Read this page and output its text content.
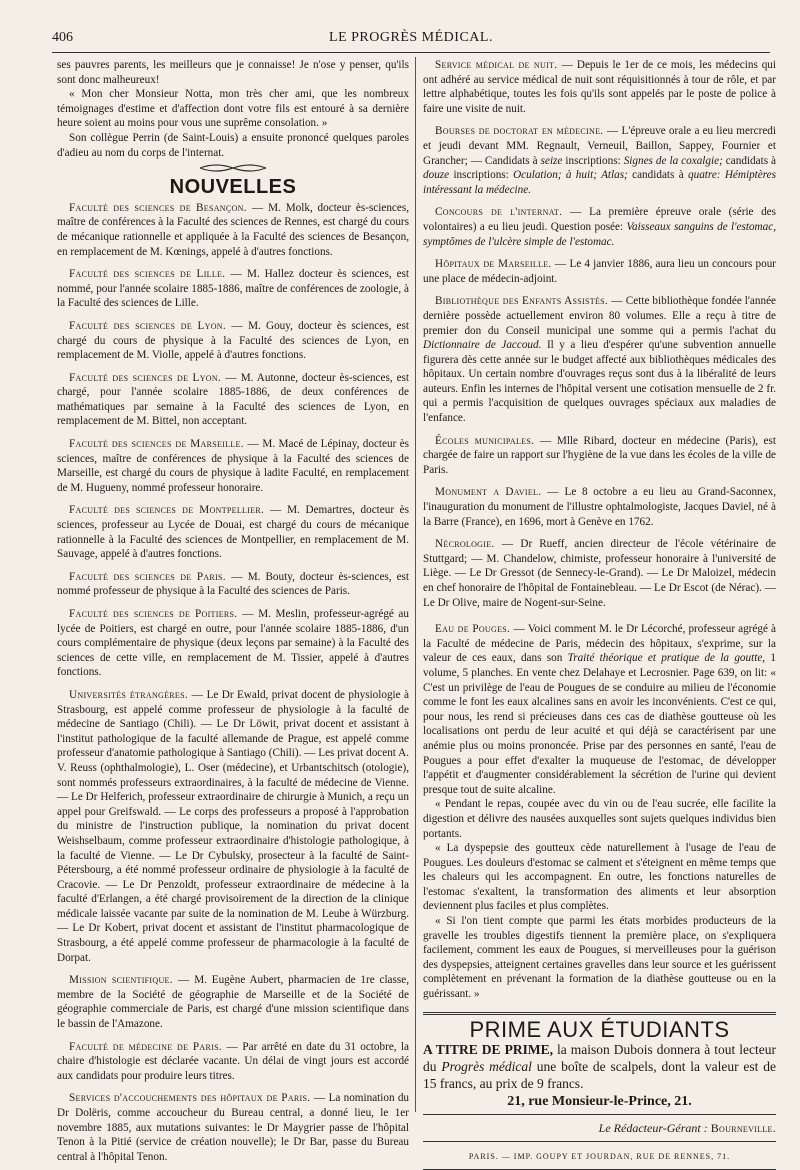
406	LE PROGRÈS MÉDICAL.

ses pauvres parents, les meilleurs que je connaisse! Je n'ose y penser, qu'ils sont donc malheureux!

« Mon cher Monsieur Notta, mon très cher ami, que les nombreux témoignages d'estime et d'affection dont votre fils est entouré à sa dernière heure soient au moins pour vous une suprême consolation. »

Son collègue Perrin (de Saint-Louis) a ensuite prononcé quelques paroles d'adieu au nom du corps de l'internat.

NOUVELLES

Faculté des sciences de Besançon. — M. Molk, docteur ès-sciences, maître de conférences à la Faculté des sciences de Rennes, est chargé du cours de mécanique rationnelle et appliquée à la Faculté des sciences de Besançon, en remplacement de M. Kœnings, appelé à d'autres fonctions.

Faculté des sciences de Lille. — M. Hallez docteur ès sciences, est nommé, pour l'année scolaire 1885-1886, maître de conférences de zoologie, à la Faculté des sciences de Lille.

Faculté des sciences de Lyon. — M. Gouy, docteur ès sciences, est chargé du cours de physique à la Faculté des sciences de Lyon, en remplacement de M. Violle, appelé à d'autres fonctions.

Faculté des sciences de Lyon. — M. Autonne, docteur ès-sciences, est chargé, pour l'année scolaire 1885-1886, de deux conférences de mathématiques par semaine à la Faculté des sciences de Lyon, en remplacement de M. Bittel, non acceptant.

Faculté des sciences de Marseille. — M. Macé de Lépinay, docteur ès sciences, maître de conférences de physique à la Faculté des sciences de Marseille, est chargé du cours de physique à ladite Faculté, en remplacement de M. Hugueny, nommé professeur honoraire.

Faculté des sciences de Montpellier. — M. Demartres, docteur ès sciences, professeur au Lycée de Douai, est chargé du cours de mécanique rationnelle à la Faculté des sciences de Montpellier, en remplacement de M. Sauvage, appelé à d'autres fonctions.

Faculté des sciences de Paris. — M. Bouty, docteur ès-sciences, est nommé professeur de physique à la Faculté des sciences de Paris.

Faculté des sciences de Poitiers. — M. Meslin, professeur-agrégé au lycée de Poitiers, est chargé en outre, pour l'année scolaire 1885-1886, d'un cours complémentaire de physique (deux leçons par semaine) à la Faculté des sciences de cette ville, en remplacement de M. Tissier, appelé à d'autres fonctions.

Universités étrangères. — Le Dr Ewald, privat docent de physiologie à Strasbourg, est appelé comme professeur de physiologie à la faculté de médecine de Santiago (Chili). — Le Dr Löwit, privat docent et assistant à l'institut pathologique de la faculté allemande de Prague, est appelé comme professeur d'anatomie pathologique à Santiago (Chili). — Les privat docent A. V. Reuss (ophthalmologie), L. Oser (médecine), et Urbantschitsch (otologie), sont nommés professeurs extraordinaires, à la faculté de médecine de Vienne. — Le Dr Helferich, professeur extraordinaire de chirurgie à Munich, a reçu un appel pour Greifswald. — Le corps des professeurs a proposé à l'approbation du ministre de l'instruction publique, la nomination du privat docent Weishselbaum, comme professeur extraordinaire d'histologie pathologique, à la faculté de Vienne. — Le Dr Cybulsky, prosecteur à la faculté de Saint-Pétersbourg, a été nommé professeur ordinaire de physiologie à la faculté de Cracovie. — Le Dr Penzoldt, professeur extraordinaire de médecine à la faculté d'Erlangen, a été chargé provisoirement de la direction de la clinique médicale laissée vacante par suite de la nomination de M. Leube à Würzburg. — Le Dr Kobert, privat docent et assistant de l'institut pharmacologique de Strasbourg, a été appelé comme professeur de pharmacologie à la faculté de Dorpat.

Mission scientifique. — M. Eugène Aubert, pharmacien de 1re classe, membre de la Société de géographie de Marseille et de la Société de géographie commerciale de Paris, est chargé d'une mission scientifique dans le bassin de l'Amazone.

Faculté de médecine de Paris. — Par arrêté en date du 31 octobre, la chaire d'histologie est déclarée vacante. Un délai de vingt jours est accordé aux candidats pour produire leurs titres.

Services d'accouchements des hôpitaux de Paris. — La nomination du Dr Dolëris, comme accoucheur du Bureau central, a donné lieu, le 1er novembre 1885, aux mutations suivantes: le Dr Maygrier passe de l'hôpital Tenon à la Pitié (service de création nouvelle); le Dr Bar, passe du Bureau central à l'hôpital Tenon.

Service médical de nuit. — Depuis le 1er de ce mois, les médecins qui ont adhéré au service médical de nuit sont réquisitionnés à tour de rôle, et par lettre alphabétique, toutes les fois qu'ils sont appelés par le poste de police à faire une visite de nuit.

Bourses de doctorat en médecine. — L'épreuve orale a eu lieu mercredi et jeudi devant MM. Regnault, Verneuil, Baillon, Sappey, Fournier et Grancher; — Candidats à seize inscriptions: Signes de la coxalgie; candidats à douze inscriptions: Oculation; à huit; Atlas; candidats à quatre: Hémiptères intéressant la médecine.

Concours de l'internat. — La première épreuve orale (série des volontaires) a eu lieu jeudi. Question posée: Vaisseaux sanguins de l'estomac, symptômes de l'ulcère simple de l'estomac.

Hôpitaux de Marseille. — Le 4 janvier 1886, aura lieu un concours pour une place de médecin-adjoint.

Bibliothèque des Enfants Assistés. — Cette bibliothèque fondée l'année dernière possède actuellement environ 80 volumes. Elle a reçu à titre de premier don du Conseil municipal une somme qui a permis l'achat du Dictionnaire de Jaccoud. Il y a lieu d'espérer qu'une subvention annuelle figurera dès cette année sur le budget affecté aux bibliothèques médicales des hôpitaux. Un certain nombre d'ouvrages reçus sont dus à la libéralité de leurs auteurs. Enfin les internes de l'hôpital versent une cotisation mensuelle de 2 fr. qui a permis l'acquisition de quelques ouvrages spéciaux aux maladies de l'enfance.

Écoles municipales. — Mlle Ribard, docteur en médecine (Paris), est chargée de faire un rapport sur l'hygiène de la vue dans les écoles de la ville de Paris.

Monument a Daviel. — Le 8 octobre a eu lieu au Grand-Saconnex, l'inauguration du monument de l'illustre ophtalmologiste, Jacques Daviel, né à la Barre (France), en 1696, mort à Genève en 1762.

Nécrologie. — Dr Rueff, ancien directeur de l'école vétérinaire de Stuttgard; — M. Chandelow, chimiste, professeur honoraire à l'université de Liège. — Le Dr Gressot (de Sennecy-le-Grand). — Le Dr Maloizel, médecin en chef honoraire de l'hôpital de Fontainebleau. — Le Dr Escot (de Nérac). — Le Dr Olive, maire de Nogent-sur-Seine.

Eau de Pouges. — Voici comment M. le Dr Lécorché, professeur agrégé à la Faculté de médecine de Paris, médecin des hôpitaux, s'exprime, sur la valeur de ces eaux, dans son Traité théorique et pratique de la goutte, 1 volume, 5 planches. En vente chez Delahaye et Lecrosnier. Page 639, on lit: « C'est un privilège de l'eau de Pougues de se conduire au milieu de l'économie comme le font les eaux alcalines sans en avoir les inconvénients. C'est ce qui, pour nous, les rend si précieuses dans ces cas de diathèse goutteuse où les localisations ont perdu de leur acuité et qui déjà se caractérisent par une anémie plus ou moins prononcée. Prise par des personnes en santé, l'eau de Pougues a pour effet d'exalter la muqueuse de l'estomac, de développer l'appétit et d'augmenter considérablement la sécrétion de l'urine qui devient presque tout de suite alcaline.

« Pendant le repas, coupée avec du vin ou de l'eau sucrée, elle facilite la digestion et délivre des nausées auxquelles sont sujets quelques individus bien portants.

« La dyspepsie des goutteux cède naturellement à l'usage de l'eau de Pougues. Les douleurs d'estomac se calment et s'éteignent en même temps que les chaleurs qui les accompagnent. En outre, les fonctions naturelles de l'estomac s'exaltent, la transformation des aliments et leur absorption deviennent plus faciles et plus complètes.

« Si l'on tient compte que parmi les états morbides producteurs de la gravelle les troubles digestifs tiennent la première place, on s'expliquera facilement, comment les eaux de Pougues, si merveilleuses pour la guérison des dyspepsies, atteignent certaines gravelles dans leur source et les guérissent complètement en prévenant la formation de la diathèse goutteuse ou en la guérissant. »

PRIME AUX ÉTUDIANTS

A TITRE DE PRIME, la maison Dubois donnera à tout lecteur du Progrès médical une boîte de scalpels, dont la valeur est de 15 francs, au prix de 9 francs.

21, rue Monsieur-le-Prince, 21.
Le Rédacteur-Gérant : Bourneville.
PARIS. — IMP. GOUPY ET JOURDAN, RUE DE RENNES, 71.
